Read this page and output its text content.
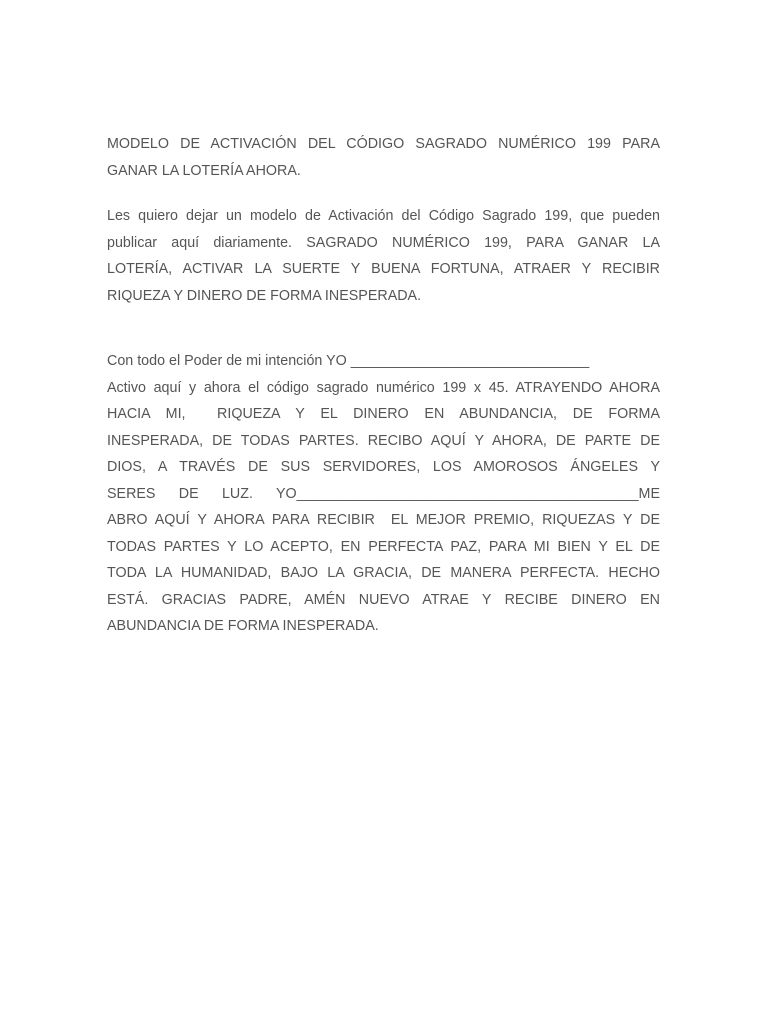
MODELO DE ACTIVACIÓN DEL CÓDIGO SAGRADO NUMÉRICO 199 PARA
GANAR LA LOTERÍA AHORA.
Les quiero dejar un modelo de Activación del Código Sagrado 199, que pueden
publicar aquí diariamente. SAGRADO NUMÉRICO 199, PARA GANAR LA
LOTERÍA, ACTIVAR LA SUERTE Y BUENA FORTUNA, ATRAER Y RECIBIR
RIQUEZA Y DINERO DE FORMA INESPERADA.
Con todo el Poder de mi intención YO ______________________________
Activo aquí y ahora el código sagrado numérico 199 x 45. ATRAYENDO AHORA
HACIA MI,  RIQUEZA Y EL DINERO EN ABUNDANCIA, DE FORMA
INESPERADA, DE TODAS PARTES. RECIBO AQUÍ Y AHORA, DE PARTE DE
DIOS, A TRAVÉS DE SUS SERVIDORES, LOS AMOROSOS ÁNGELES Y
SERES DE LUZ. YO___________________________________________ME
ABRO AQUÍ Y AHORA PARA RECIBIR  EL MEJOR PREMIO, RIQUEZAS Y DE
TODAS PARTES Y LO ACEPTO, EN PERFECTA PAZ, PARA MI BIEN Y EL DE
TODA LA HUMANIDAD, BAJO LA GRACIA, DE MANERA PERFECTA. HECHO
ESTÁ. GRACIAS PADRE, AMÉN NUEVO ATRAE Y RECIBE DINERO EN
ABUNDANCIA DE FORMA INESPERADA.
